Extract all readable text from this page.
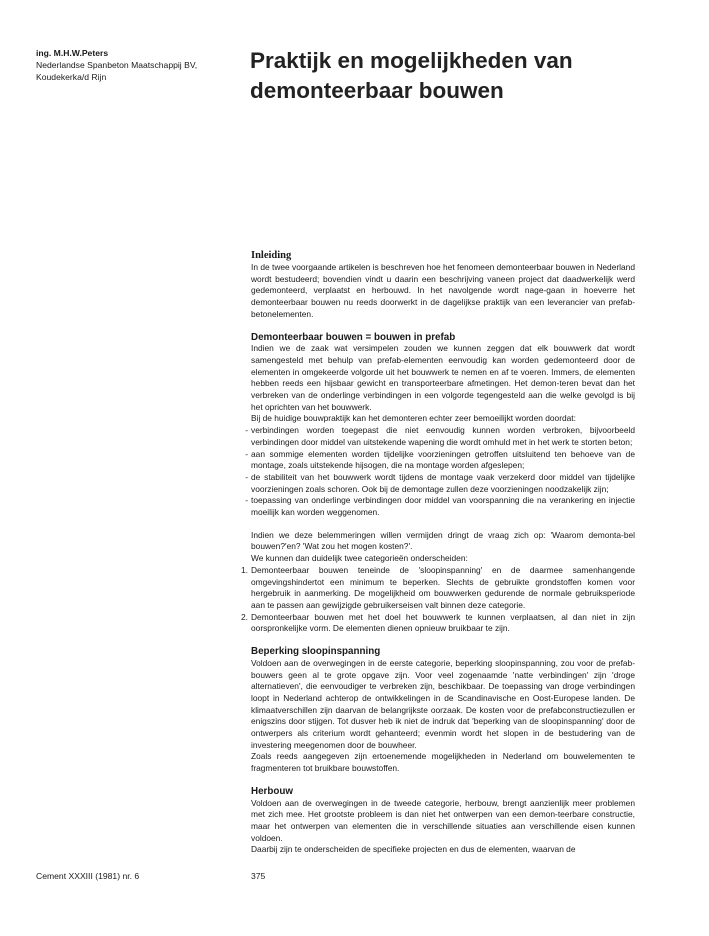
ing. M.H.W.Peters
Nederlandse Spanbeton Maatschappij BV,
Koudekerka/d Rijn
Praktijk en mogelijkheden van
demonteerbaar bouwen
Inleiding

In de twee voorgaande artikelen is beschreven hoe het fenomeen demonteerbaar bouwen in Nederland wordt bestudeerd; bovendien vindt u daarin een beschrijving vaneen project dat daadwerkelijk werd gedemonteerd, verplaatst en herbouwd. In het navolgende wordt nage-gaan in hoeverre het demonteerbaar bouwen nu reeds doorwerkt in de dagelijkse praktijk van een leverancier van prefab-betonelementen.

Demonteerbaar bouwen = bouwen in prefab

Indien we de zaak wat versimpelen zouden we kunnen zeggen dat elk bouwwerk dat wordt samengesteld met behulp van prefab-elementen eenvoudig kan worden gedemonteerd door de elementen in omgekeerde volgorde uit het bouwwerk te nemen en af te voeren. Immers, de elementen hebben reeds een hijsbaar gewicht en transporteerbare afmetingen. Het demon-teren bevat dan het verbreken van de onderlinge verbindingen in een volgorde tegengesteld aan die welke gevolgd is bij het oprichten van het bouwwerk.

Bij de huidige bouwpraktijk kan het demonteren echter zeer bemoeilijkt worden doordat:

- verbindingen worden toegepast die niet eenvoudig kunnen worden verbroken, bijvoorbeeld verbindingen door middel van uitstekende wapening die wordt omhuld met in het werk te storten beton;
- aan sommige elementen worden tijdelijke voorzieningen getroffen uitsluitend ten behoeve van de montage, zoals uitstekende hijsogen, die na montage worden afgeslepen;
- de stabiliteit van het bouwwerk wordt tijdens de montage vaak verzekerd door middel van tijdelijke voorzieningen zoals schoren. Ook bij de demontage zullen deze voorzieningen noodzakelijk zijn;
- toepassing van onderlinge verbindingen door middel van voorspanning die na verankering en injectie moeilijk kan worden weggenomen.

Indien we deze belemmeringen willen vermijden dringt de vraag zich op: 'Waarom demonta-bel bouwen?'en? 'Wat zou het mogen kosten?'.

We kunnen dan duidelijk twee categorieën onderscheiden:

1. Demonteerbaar bouwen teneinde de 'sloopinspanning' en de daarmee samenhangende omgevingshindertot een minimum te beperken. Slechts de gebruikte grondstoffen komen voor hergebruik in aanmerking. De mogelijkheid om bouwwerken gedurende de normale gebruiksperiode aan te passen aan gewijzigde gebruikerseisen valt binnen deze categorie.
2. Demonteerbaar bouwen met het doel het bouwwerk te kunnen verplaatsen, al dan niet in zijn oorspronkelijke vorm. De elementen dienen opnieuw bruikbaar te zijn.
Beperking sloopinspanning

Voldoen aan de overwegingen in de eerste categorie, beperking sloopinspanning, zou voor de prefab-bouwers geen al te grote opgave zijn. Voor veel zogenaamde 'natte verbindingen' zijn 'droge alternatieven', die eenvoudiger te verbreken zijn, beschikbaar. De toepassing van droge verbindingen loopt in Nederland achterop de ontwikkelingen in de Scandinavische en Oost-Europese landen. De klimaatverschillen zijn daarvan de belangrijkste oorzaak. De kosten voor de prefabconstructiezullen er enigszins door stijgen. Tot dusver heb ik niet de indruk dat 'beperking van de sloopinspanning' door de ontwerpers als criterium wordt gehanteerd; evenmin wordt het slopen in de bestudering van de investering meegenomen door de bouwheer.

Zoals reeds aangegeven zijn ertoenemende mogelijkheden in Nederland om bouwelementen te fragmenteren tot bruikbare bouwstoffen.

Herbouw

Voldoen aan de overwegingen in de tweede categorie, herbouw, brengt aanzienlijk meer problemen met zich mee. Het grootste probleem is dan niet het ontwerpen van een demon-teerbare constructie, maar het ontwerpen van elementen die in verschillende situaties aan verschillende eisen kunnen voldoen.

Daarbij zijn te onderscheiden de specifieke projecten en dus de elementen, waarvan de

Cement XXXIII (1981) nr. 6	375
